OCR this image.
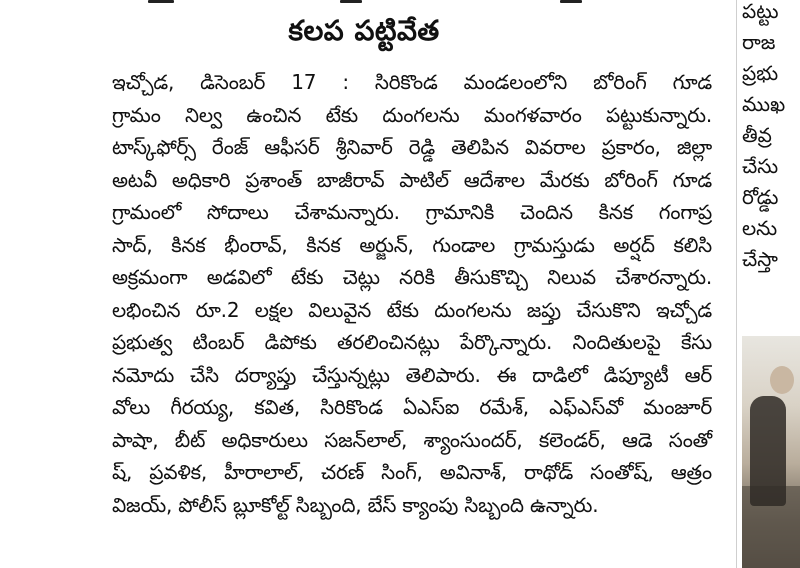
కలప పట్టివేత
ఇచ్చోడ, డిసెంబర్ 17 : సిరికొండ మండలంలోని బోరింగ్ గూడ
గ్రామం నిల్వ ఉంచిన టేకు దుంగలను మంగళవారం పట్టుకున్నారు.
టాస్క్‌ఫోర్స్ రేంజ్ ఆఫీసర్ శ్రీనివార్ రెడ్డి తెలిపిన వివరాల ప్రకారం, జిల్లా
అటవీ అధికారి ప్రశాంత్ బాజీరావ్ పాటిల్ ఆదేశాల మేరకు బోరింగ్ గూడ
గ్రామంలో సోదాలు చేశామన్నారు. గ్రామానికి చెందిన కినక గంగాప్ర
సాద్, కినక భీంరావ్, కినక అర్జున్, గుండాల గ్రామస్తుడు అర్షద్ కలిసి
అక్రమంగా అడవిలో టేకు చెట్లు నరికి తీసుకొచ్చి నిలువ చేశారన్నారు.
లభించిన రూ.2 లక్షల విలువైన టేకు దుంగలను జప్తు చేసుకొని ఇచ్చోడ
ప్రభుత్వ టింబర్ డిపోకు తరలించినట్లు పేర్కొన్నారు. నిందితులపై కేసు
నమోదు చేసి దర్యాప్తు చేస్తున్నట్లు తెలిపారు. ఈ దాడిలో డిప్యూటీ ఆర్
వోలు గీరయ్య, కవిత, సిరికొండ ఏఎస్ఐ రమేశ్, ఎఫ్ఎస్‌వో మంజూర్
పాషా, బీట్ అధికారులు సజన్‌లాల్, శ్యాంసుందర్, కలెండర్, ఆడె సంతో
ష్, ప్రవళిక, హీరాలాల్, చరణ్ సింగ్, అవినాశ్, రాథోడ్ సంతోష్, ఆత్రం
విజయ్, పోలీస్ బ్లూకోల్ట్ సిబ్బంది, బేస్ క్యాంపు సిబ్బంది ఉన్నారు.
పట్టు
రాజ
ప్రభు
ముఖ
తీవ్ర
చేసు
రోడ్డు
లను
చేస్తా
